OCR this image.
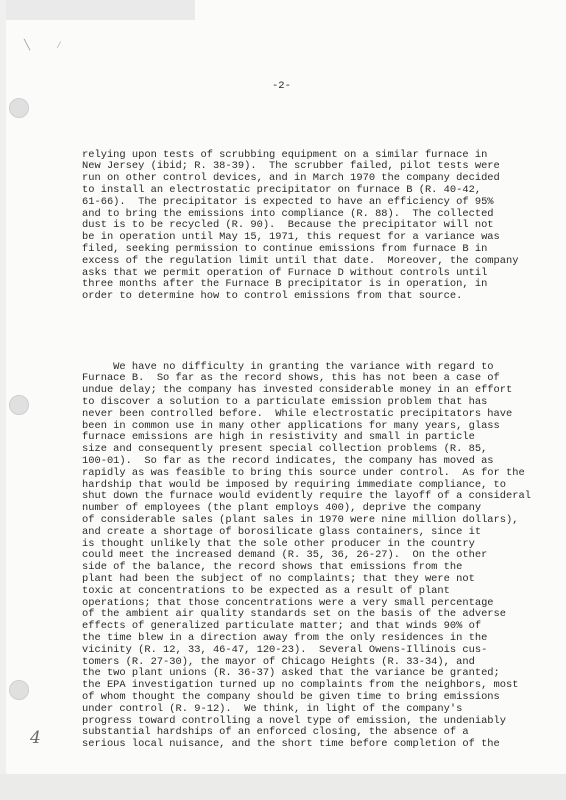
╲ ∕
-2-

relying upon tests of scrubbing equipment on a similar furnace in
New Jersey (ibid; R. 38-39).  The scrubber failed, pilot tests were
run on other control devices, and in March 1970 the company decided
to install an electrostatic precipitator on furnace B (R. 40-42,
61-66).  The precipitator is expected to have an efficiency of 95%
and to bring the emissions into compliance (R. 88).  The collected
dust is to be recycled (R. 90).  Because the precipitator will not
be in operation until May 15, 1971, this request for a variance was
filed, seeking permission to continue emissions from furnace B in
excess of the regulation limit until that date.  Moreover, the company
asks that we permit operation of Furnace D without controls until
three months after the Furnace B precipitator is in operation, in
order to determine how to control emissions from that source.

We have no difficulty in granting the variance with regard to
Furnace B.  So far as the record shows, this has not been a case of
undue delay; the company has invested considerable money in an effort
to discover a solution to a particulate emission problem that has
never been controlled before.  While electrostatic precipitators have
been in common use in many other applications for many years, glass
furnace emissions are high in resistivity and small in particle
size and consequently present special collection problems (R. 85,
100-01).  So far as the record indicates, the company has moved as
rapidly as was feasible to bring this source under control.  As for the
hardship that would be imposed by requiring immediate compliance, to
shut down the furnace would evidently require the layoff of a consideral
number of employees (the plant employs 400), deprive the company
of considerable sales (plant sales in 1970 were nine million dollars),
and create a shortage of borosilicate glass containers, since it
is thought unlikely that the sole other producer in the country
could meet the increased demand (R. 35, 36, 26-27).  On the other
side of the balance, the record shows that emissions from the
plant had been the subject of no complaints; that they were not
toxic at concentrations to be expected as a result of plant
operations; that those concentrations were a very small percentage
of the ambient air quality standards set on the basis of the adverse
effects of generalized particulate matter; and that winds 90% of
the time blew in a direction away from the only residences in the
vicinity (R. 12, 33, 46-47, 120-23).  Several Owens-Illinois cus-
tomers (R. 27-30), the mayor of Chicago Heights (R. 33-34), and
the two plant unions (R. 36-37) asked that the variance be granted;
the EPA investigation turned up no complaints from the neighbors, most
of whom thought the company should be given time to bring emissions
under control (R. 9-12).  We think, in light of the company's
progress toward controlling a novel type of emission, the undeniably
substantial hardships of an enforced closing, the absence of a
serious local nuisance, and the short time before completion of the

4
